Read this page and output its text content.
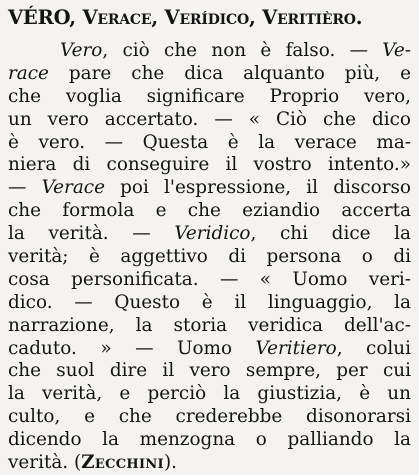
VÉRO, Verace, Verídico, Veritièro.
Vero, ciò che non è falso. — Ve-
race pare che dica alquanto più, e
che voglia significare Proprio vero,
un vero accertato. — « Ciò che dico
è vero. — Questa è la verace ma-
niera di conseguire il vostro intento.»
— Verace poi l'espressione, il discorso
che formola e che eziandio accerta
la verità. — Veridico, chi dice la
verità; è aggettivo di persona o di
cosa personificata. — « Uomo veri-
dico. — Questo è il linguaggio, la
narrazione, la storia veridica dell'ac-
caduto. » — Uomo Veritiero, colui
che suol dire il vero sempre, per cui
la verità, e perciò la giustizia, è un
culto, e che crederebbe disonorarsi
dicendo la menzogna o palliando la
verità. (Zecchini).
